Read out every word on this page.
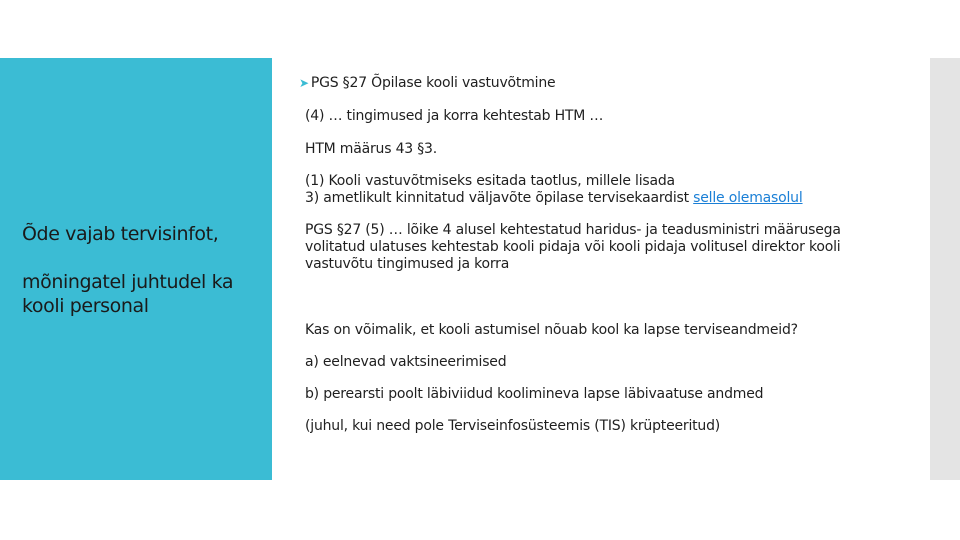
Õde vajab tervisinfot,

mõningatel juhtudel ka kooli personal

➤ PGS §27 Õpilase kooli vastuvõtmine
(4) … tingimused ja korra kehtestab HTM …
HTM määrus 43 §3.
(1) Kooli vastuvõtmiseks esitada taotlus, millele lisada
3) ametlikult kinnitatud väljavõte õpilase tervisekaardist selle olemasolul
PGS §27 (5) … lõike 4 alusel kehtestatud haridus- ja teadusministri määrusega volitatud ulatuses kehtestab kooli pidaja või kooli pidaja volitusel direktor kooli vastuvõtu tingimused ja korra
Kas on võimalik, et kooli astumisel nõuab kool ka lapse terviseandmeid?
a) eelnevad vaktsineerimised
b) perearsti poolt läbiviidud koolimineva lapse läbivaatuse andmed
(juhul, kui need pole Terviseinfosüsteemis (TIS) krüpteeritud)
